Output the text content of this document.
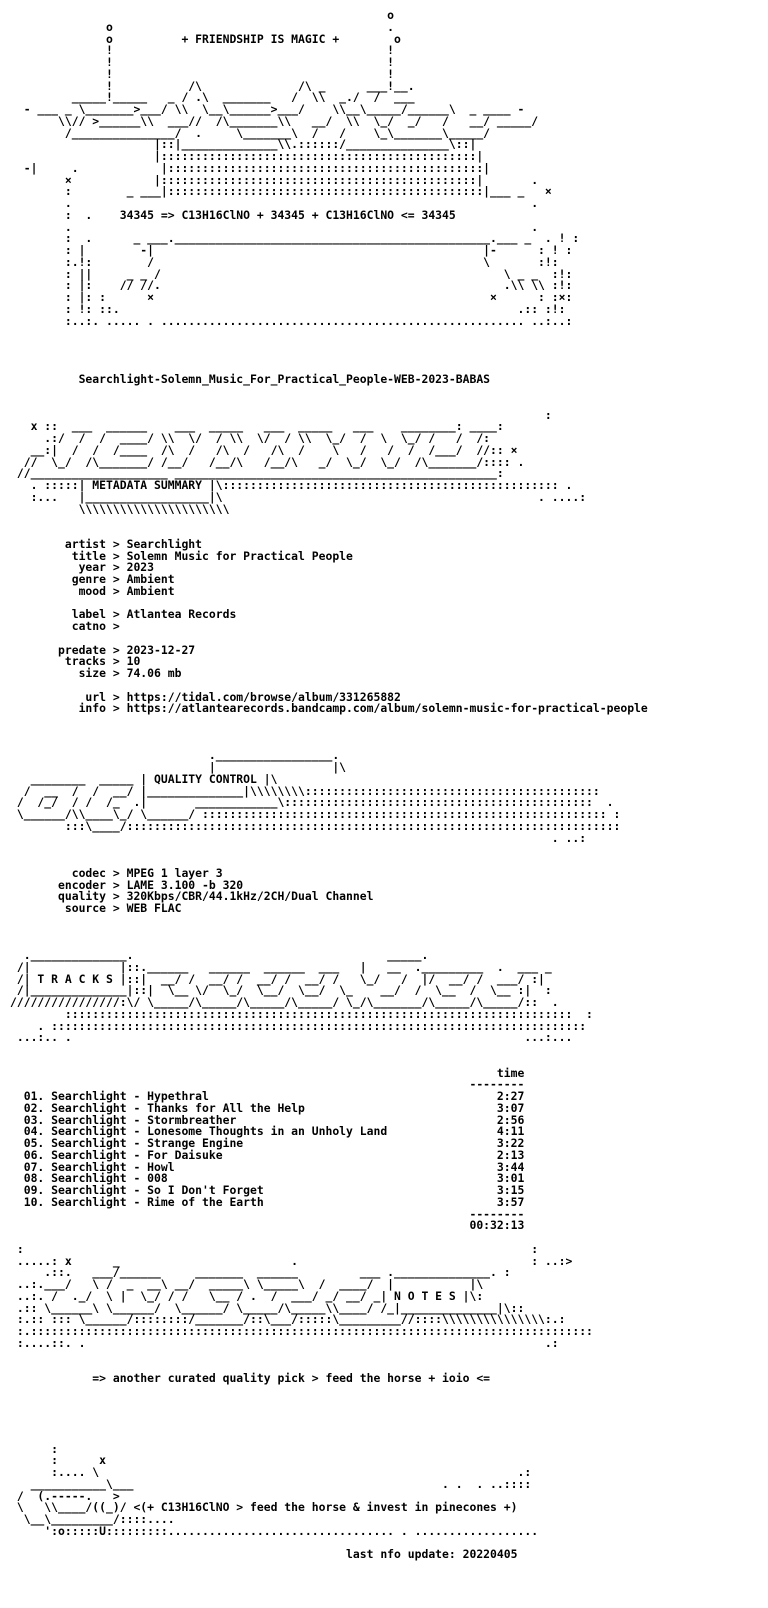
o
o                                        .
o          + FRIENDSHIP IS MAGIC +        o
!                                        !
!                                        !
!                                        !
!           /\              /\ _      ___!__.
_____!_____   _ / .\  _______   /  \\  _./  /  ___
- ___ _ \_______>___/ \\  \__\______>___/    \\__\_____/______\  _ ____ -
\\// >______\\  ___//  /\_______\\   __/  \\  \_/  _/   /   __/ _____/
/_______________/  .     \_______\  /   /    \_\_______\_____/
|::|______________\\.::::::/_______________\::|
|::::::::::::::::::::::::::::::::::::::::::::::|
-|     .            |::::::::::::::::::::::::::::::::::::::::::::::|
×            |::::::::::::::::::::::::::::::::::::::::::::::|       .
:        _ ___|::::::::::::::::::::::::::::::::::::::::::::::|___ _   ×
.                                                                   .
:  .    34345 => C13H16ClNO + 34345 + C13H16ClNO <= 34345
.                                                                   .
:  .      _ ___.______________________________________________.___ _  . ! :
: |        -|                                                |-      : ! :
:.!:        /                                                \       :!:
: ||     _ _ /                                                  \ _ _  :!:
: |:    // //.                                                  .\\ \\ :!:
: |: :      ×                                                 ×      : :×:
: !: ::.                                                          .:: :!:
:..:. ..... . ..................................................... ..:..:

Searchlight-Solemn_Music_For_Practical_People-WEB-2023-BABAS

:
x ::  ___  ______    ___  _____   ___  _____   ___    ________: ____:
.:/  /  /  ____/ \\  \/  / \\  \/  / \\  \_/  /  \  \_/ /   /  /:
__:|  /  /  /____  /\  /   /\  /   /\  /    \   /   /  /  /___/  //:: ×
//  \_/  /\_______/ /__/   /__/\   /__/\   _/  \_/  \_/  /\_______/:::: .
//____________________ _______________________________________________:
. :::::| METADATA SUMMARY |\::::::::::::::::::::::::::::::::::::::::::::::::: .
:...   |__________________|\                                              . ....:
\\\\\\\\\\\\\\\\\\\\\\

artist > Searchlight
title > Solemn Music for Practical People
year > 2023
genre > Ambient
mood > Ambient

label > Atlantea Records
catno >

predate > 2023-12-27
tracks > 10
size > 74.06 mb

url > https://tidal.com/browse/album/331265882
info > https://atlantearecords.bandcamp.com/album/solemn-music-for-practical-people

._________________.
|                 |\
________  _____ | QUALITY CONTROL |\
/  __  /  /  __/ |______________|\\\\\\\\:::::::::::::::::::::::::::::::::::::::::::
/  /_/  / /  /_  .|       ____________\:::::::::::::::::::::::::::::::::::::::::::::  .
\______/\\____\_/ \______/ ::::::::::::::::::::::::::::::::::::::::::::::::::::::::::: :
:::\____/::::::::::::::::::::::::::::::::::::::::::::::::::::::::::::::::::::::::
. ..:

codec > MPEG 1 layer 3
encoder > LAME 3.100 -b 320
quality > 320Kbps/CBR/44.1kHz/2CH/Dual Channel
source > WEB FLAC

.______________.                                     _____.
/|             |::.______   ______  ______  ___   |   __  ._________  .  ___ _
/| T R A C K S |::|  __/ /  __/ /  __/ /  __/ /   \_/   /  |/  __/ /  ___/ :|
/|______________|::|  \__ \/  \_/  \__/  \__/  \_    __/  /  \__  /  \__ :|  :
////////////////:\/ \_____/\_____/\_____/\_____/ \_/\_______/\_____/\_____/::  .
::::::::::::::::::::::::::::::::::::::::::::::::::::::::::::::::::::::::::  :
. ::::::::::::::::::::::::::::::::::::::::::::::::::::::::::::::::::::::::::::::
...:.. .                                                                  ...:...

time
--------
01. Searchlight - Hypethral                                          2:27
02. Searchlight - Thanks for All the Help                            3:07
03. Searchlight - Stormbreather                                      2:56
04. Searchlight - Lonesome Thoughts in an Unholy Land                4:11
05. Searchlight - Strange Engine                                     3:22
06. Searchlight - For Daisuke                                        2:13
07. Searchlight - Howl                                               3:44
08. Searchlight - 008                                                3:01
09. Searchlight - So I Don't Forget                                  3:15
10. Searchlight - Rime of the Earth                                  3:57
--------
00:32:13

:                                                                          :
.....: x      _                         .                                  : ..:>
.::.   ___/______     _______  ______         ___ .______________. :
..:.___/   \ /  _  __\ __/  _____\ \_____\  /  ____/  |           |\
..:. /  ._/  \ |  \_/ / /   \__ / .  /  ___/ _/ __/ _| N O T E S |\:
.:: \______\ \______/  \______/ \_____/\_____\\____/ /_|______________|\::
:.:: ::: \______/::::::::/_______/::\___/:::::\_________//::::\\\\\\\\\\\\\\\:.:
:.::::::::::::::::::::::::::::::::::::::::::::::::::::::::::::::::::::::::::::::::::
:....::. .                                                                   .:

=> another curated quality pick > feed the horse + ioio <=

:
:      x
:.... \                                                             .:
___________\___                                             . .  . ..::::
/  (.-----.   >
\   \\____/((_)/ <(+ C13H16ClNO > feed the horse & invest in pinecones +)
\__\_________/::::....
':o:::::U:::::::::................................. . ..................

last nfo update: 20220405
